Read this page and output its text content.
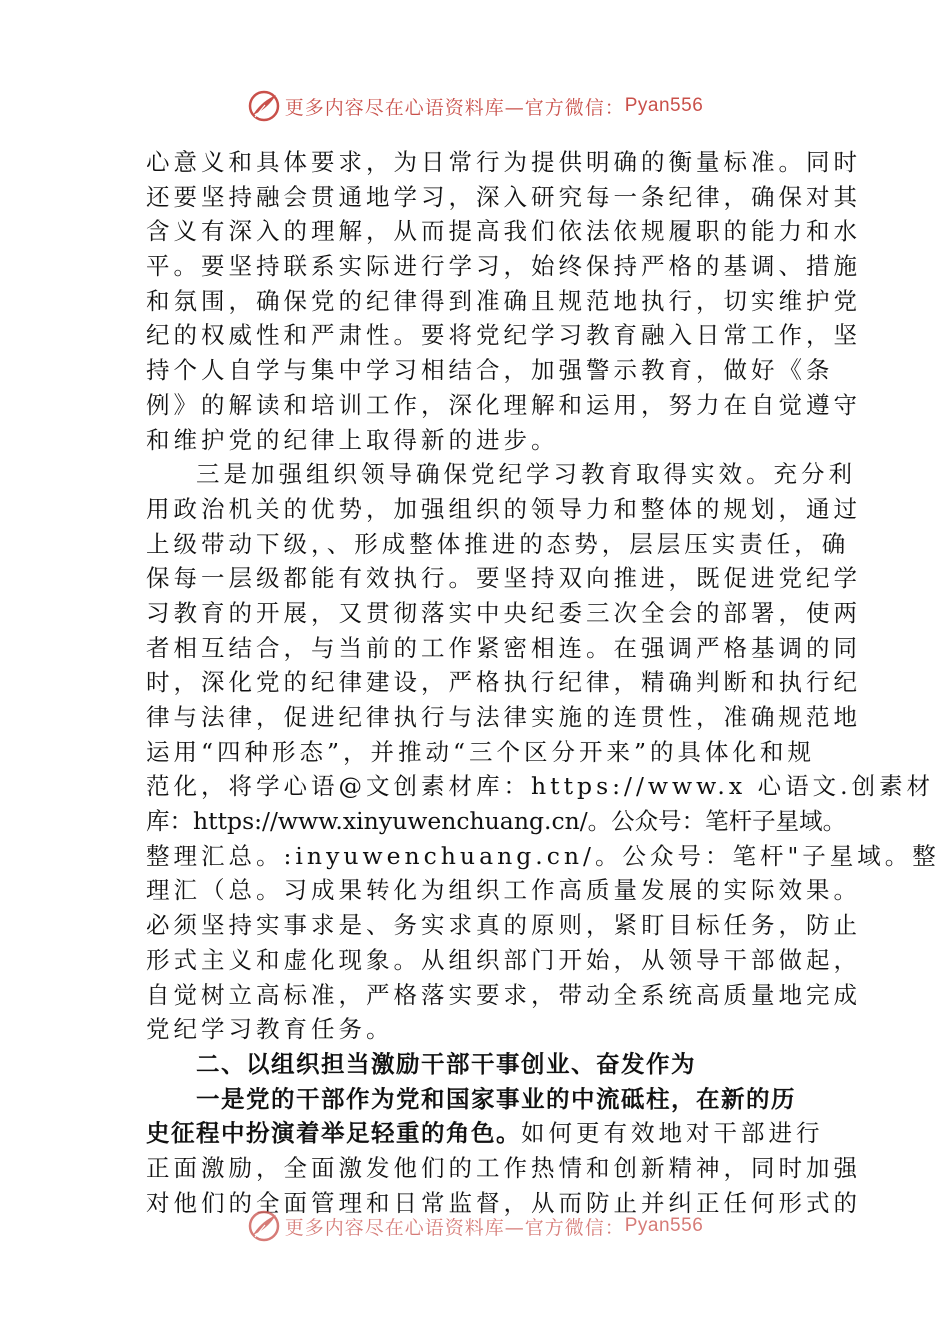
更多内容尽在心语资料库—官方微信： Pyan556
心意义和具体要求，为日常行为提供明确的衡量标准。同时
还要坚持融会贯通地学习，深入研究每一条纪律，确保对其
含义有深入的理解，从而提高我们依法依规履职的能力和水
平。要坚持联系实际进行学习，始终保持严格的基调、措施
和氛围，确保党的纪律得到准确且规范地执行，切实维护党
纪的权威性和严肃性。要将党纪学习教育融入日常工作，坚
持个人自学与集中学习相结合，加强警示教育，做好《条
例》的解读和培训工作，深化理解和运用，努力在自觉遵守
和维护党的纪律上取得新的进步。
三是加强组织领导确保党纪学习教育取得实效。充分利
用政治机关的优势，加强组织的领导力和整体的规划，通过
上级带动下级，、形成整体推进的态势，层层压实责任，确
保每一层级都能有效执行。要坚持双向推进，既促进党纪学
习教育的开展，又贯彻落实中央纪委三次全会的部署，使两
者相互结合，与当前的工作紧密相连。在强调严格基调的同
时，深化党的纪律建设，严格执行纪律，精确判断和执行纪
律与法律，促进纪律执行与法律实施的连贯性，准确规范地
运用“四种形态”，并推动“三个区分开来”的具体化和规
范化，将学心语@文创素材库：https://www.x 心语文.创素材
库：https://www.xinyuwenchuang.cn/。公众号：笔杆子星域。
整理汇总。:inyuwenchuang.cn/。公众号：笔杆"子星域。整
理汇（总。习成果转化为组织工作高质量发展的实际效果。
必须坚持实事求是、务实求真的原则，紧盯目标任务，防止
形式主义和虚化现象。从组织部门开始，从领导干部做起，
自觉树立高标准，严格落实要求，带动全系统高质量地完成
党纪学习教育任务。
二、以组织担当激励干部干事创业、奋发作为
一是党的干部作为党和国家事业的中流砥柱，在新的历
史征程中扮演着举足轻重的角色。如何更有效地对干部进行
正面激励，全面激发他们的工作热情和创新精神，同时加强
对他们的全面管理和日常监督，从而防止并纠正任何形式的
更多内容尽在心语资料库—官方微信： Pyan556
